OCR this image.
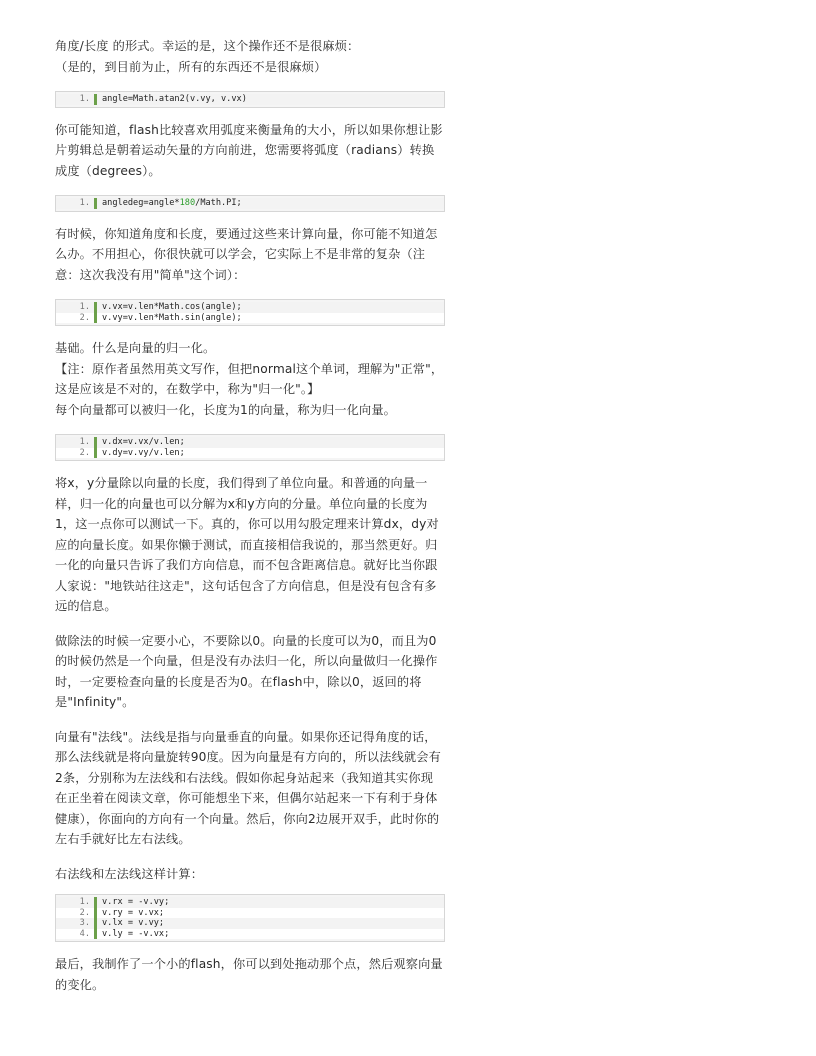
角度/长度 的形式。幸运的是，这个操作还不是很麻烦：

（是的，到目前为止，所有的东西还不是很麻烦）

1.	angle=Math.atan2(v.vy, v.vx)

你可能知道，flash比较喜欢用弧度来衡量角的大小，所以如果你想让影片剪辑总是朝着运动矢量的方向前进，您需要将弧度（radians）转换成度（degrees）。

1.	angledeg=angle*180/Math.PI;

有时候，你知道角度和长度，要通过这些来计算向量，你可能不知道怎么办。不用担心，你很快就可以学会，它实际上不是非常的复杂（注意：这次我没有用"简单"这个词）：

1.	v.vx=v.len*Math.cos(angle);
2.	v.vy=v.len*Math.sin(angle);

基础。什么是向量的归一化。

【注：原作者虽然用英文写作，但把normal这个单词，理解为"正常"，这是应该是不对的，在数学中，称为"归一化"。】

每个向量都可以被归一化，长度为1的向量，称为归一化向量。

1.	v.dx=v.vx/v.len;
2.	v.dy=v.vy/v.len;

将x，y分量除以向量的长度，我们得到了单位向量。和普通的向量一样，归一化的向量也可以分解为x和y方向的分量。单位向量的长度为1，这一点你可以测试一下。真的，你可以用勾股定理来计算dx，dy对应的向量长度。如果你懒于测试，而直接相信我说的，那当然更好。归一化的向量只告诉了我们方向信息，而不包含距离信息。就好比当你跟人家说："地铁站往这走"，这句话包含了方向信息，但是没有包含有多远的信息。

做除法的时候一定要小心，不要除以0。向量的长度可以为0，而且为0的时候仍然是一个向量，但是没有办法归一化，所以向量做归一化操作时，一定要检查向量的长度是否为0。在flash中，除以0，返回的将是"Infinity"。

向量有"法线"。法线是指与向量垂直的向量。如果你还记得角度的话，那么法线就是将向量旋转90度。因为向量是有方向的，所以法线就会有2条，分别称为左法线和右法线。假如你起身站起来（我知道其实你现在正坐着在阅读文章，你可能想坐下来，但偶尔站起来一下有利于身体健康），你面向的方向有一个向量。然后，你向2边展开双手，此时你的左右手就好比左右法线。

右法线和左法线这样计算：

1.	v.rx = -v.vy;
2.	v.ry = v.vx;
3.	v.lx = v.vy;
4.	v.ly = -v.vx;

最后，我制作了一个小的flash，你可以到处拖动那个点，然后观察向量的变化。
